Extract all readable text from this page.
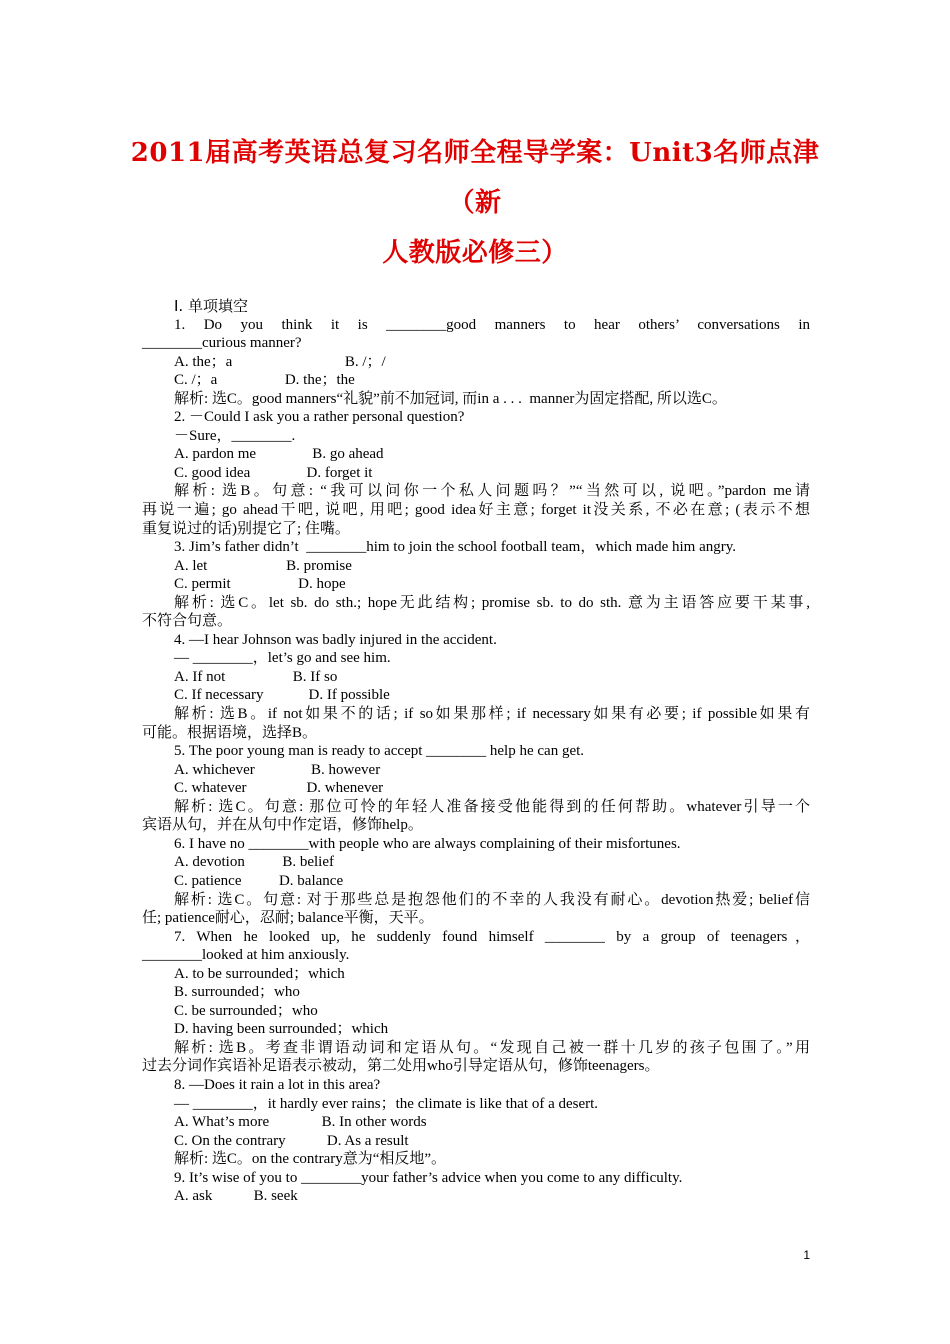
2011届高考英语总复习名师全程导学案：Unit3名师点津（新
人教版必修三）
Ⅰ. 单项填空
1. Do you think it is ________good manners to hear others’ conversations in
________curious manner?
A. the；a                              B. /；/
C. /；a                  D. the；the
解析: 选C。good manners“礼貌”前不加冠词, 而in a . . .  manner为固定搭配, 所以选C。
2. －Could I ask you a rather personal question?
－Sure，________.
A. pardon me               B. go ahead
C. good idea               D. forget it
解析: 选B。句意: “我可以问你一个私人问题吗？”“当然可以, 说吧。”pardon me请
再说一遍; go ahead干吧, 说吧, 用吧; good idea好主意; forget it没关系, 不必在意; (表示不想
重复说过的话)别提它了; 住嘴。
3. Jim’s father didn’t  ________him to join the school football team，which made him angry.
A. let                     B. promise
C. permit                  D. hope
解析: 选C。let sb. do sth.; hope无此结构; promise sb. to do sth. 意为主语答应要干某事,
不符合句意。
4. —I hear Johnson was badly injured in the accident.
— ________，let’s go and see him.
A. If not                  B. If so
C. If necessary            D. If possible
解析: 选B。if not如果不的话; if so如果那样; if necessary如果有必要; if possible如果有
可能。根据语境，选择B。
5. The poor young man is ready to accept ________ help he can get.
A. whichever               B. however
C. whatever                D. whenever
解析: 选C。句意: 那位可怜的年轻人准备接受他能得到的任何帮助。whatever引导一个
宾语从句，并在从句中作定语，修饰help。
6. I have no ________with people who are always complaining of their misfortunes.
A. devotion          B. belief
C. patience          D. balance
解析: 选C。句意: 对于那些总是抱怨他们的不幸的人我没有耐心。devotion热爱; belief信
任; patience耐心，忍耐; balance平衡，天平。
7. When he looked up, he suddenly found himself ________ by a group of teenagers，
________looked at him anxiously.
A. to be surrounded；which
B. surrounded；who
C. be surrounded；who
D. having been surrounded；which
解析: 选B。考查非谓语动词和定语从句。“发现自己被一群十几岁的孩子包围了。”用
过去分词作宾语补足语表示被动，第二处用who引导定语从句，修饰teenagers。
8. —Does it rain a lot in this area?
— ________，it hardly ever rains；the climate is like that of a desert.
A. What’s more              B. In other words
C. On the contrary           D. As a result
解析: 选C。on the contrary意为“相反地”。
9. It’s wise of you to ________your father’s advice when you come to any difficulty.
A. ask           B. seek
1
